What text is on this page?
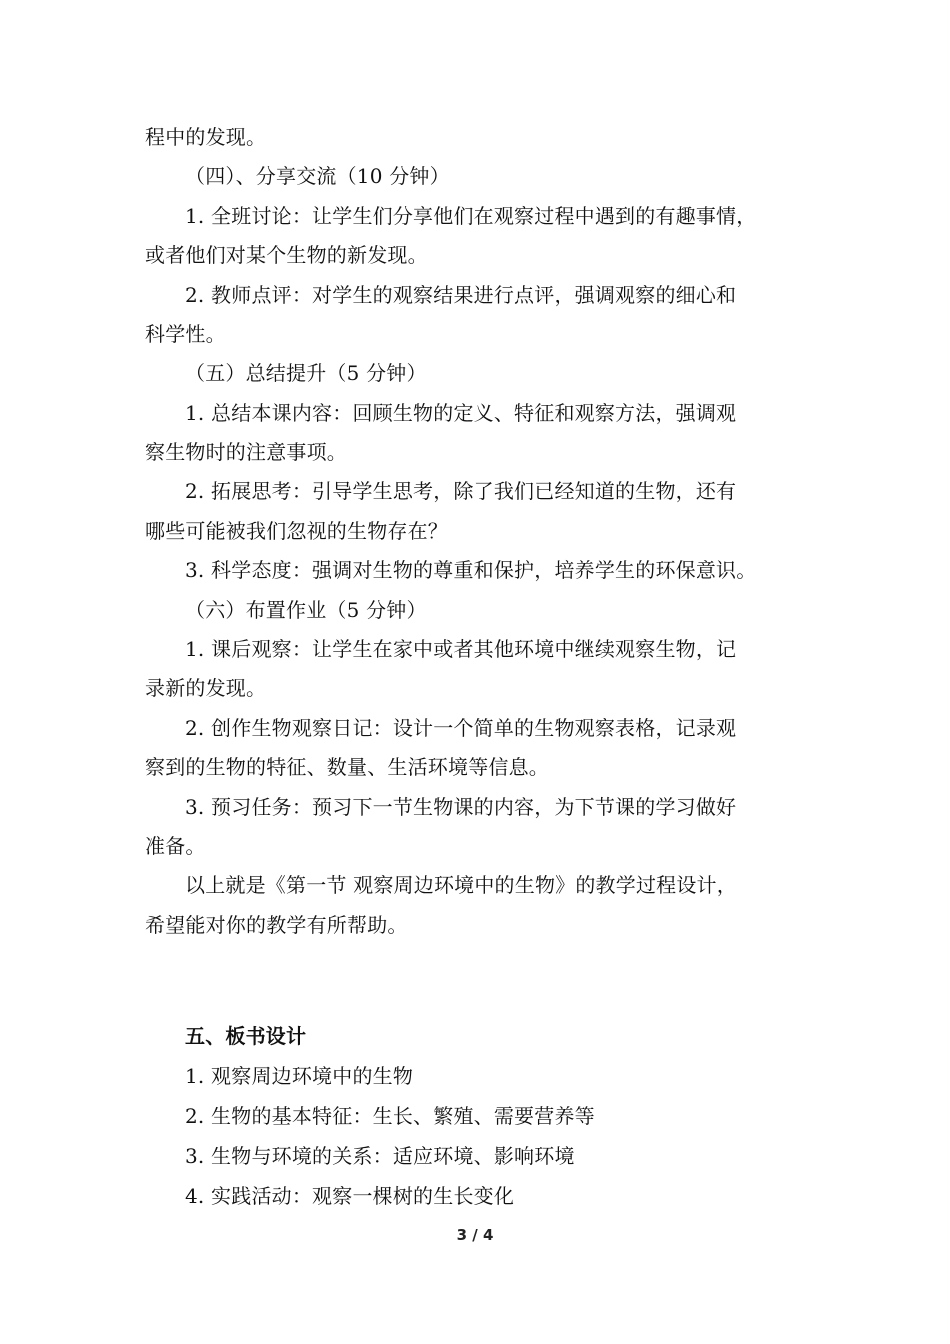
程中的发现。
（四）、分享交流（10 分钟）
1. 全班讨论：让学生们分享他们在观察过程中遇到的有趣事情，
或者他们对某个生物的新发现。
2. 教师点评：对学生的观察结果进行点评，强调观察的细心和
科学性。
（五）总结提升（5 分钟）
1. 总结本课内容：回顾生物的定义、特征和观察方法，强调观
察生物时的注意事项。
2. 拓展思考：引导学生思考，除了我们已经知道的生物，还有
哪些可能被我们忽视的生物存在？
3. 科学态度：强调对生物的尊重和保护，培养学生的环保意识。
（六）布置作业（5 分钟）
1. 课后观察：让学生在家中或者其他环境中继续观察生物，记
录新的发现。
2. 创作生物观察日记：设计一个简单的生物观察表格，记录观
察到的生物的特征、数量、生活环境等信息。
3. 预习任务：预习下一节生物课的内容，为下节课的学习做好
准备。
以上就是《第一节 观察周边环境中的生物》的教学过程设计，
希望能对你的教学有所帮助。
五、板书设计
1. 观察周边环境中的生物
2. 生物的基本特征：生长、繁殖、需要营养等
3. 生物与环境的关系：适应环境、影响环境
4. 实践活动：观察一棵树的生长变化
3 / 4
